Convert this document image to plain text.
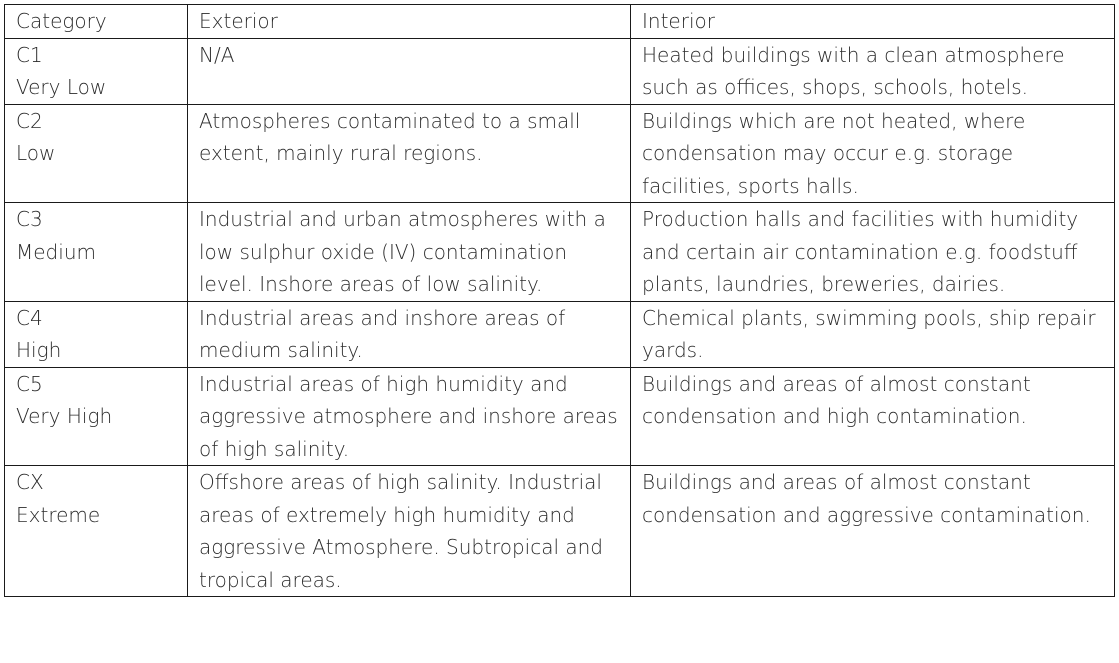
Category	Exterior	Interior

C1
Very Low	N/A	Heated buildings with a clean atmosphere such as offices, shops, schools, hotels.

C2
Low	Atmospheres contaminated to a small extent, mainly rural regions.	Buildings which are not heated, where condensation may occur e.g. storage facilities, sports halls.

C3
Medium	Industrial and urban atmospheres with a low sulphur oxide (IV) contamination level. Inshore areas of low salinity.	Production halls and facilities with humidity and certain air contamination e.g. foodstuff plants, laundries, breweries, dairies.

C4
High	Industrial areas and inshore areas of medium salinity.	Chemical plants, swimming pools, ship repair yards.

C5
Very High	Industrial areas of high humidity and aggressive atmosphere and inshore areas of high salinity.	Buildings and areas of almost constant condensation and high contamination.

CX
Extreme	Offshore areas of high salinity. Industrial areas of extremely high humidity and aggressive Atmosphere. Subtropical and tropical areas.	Buildings and areas of almost constant condensation and aggressive contamination.
